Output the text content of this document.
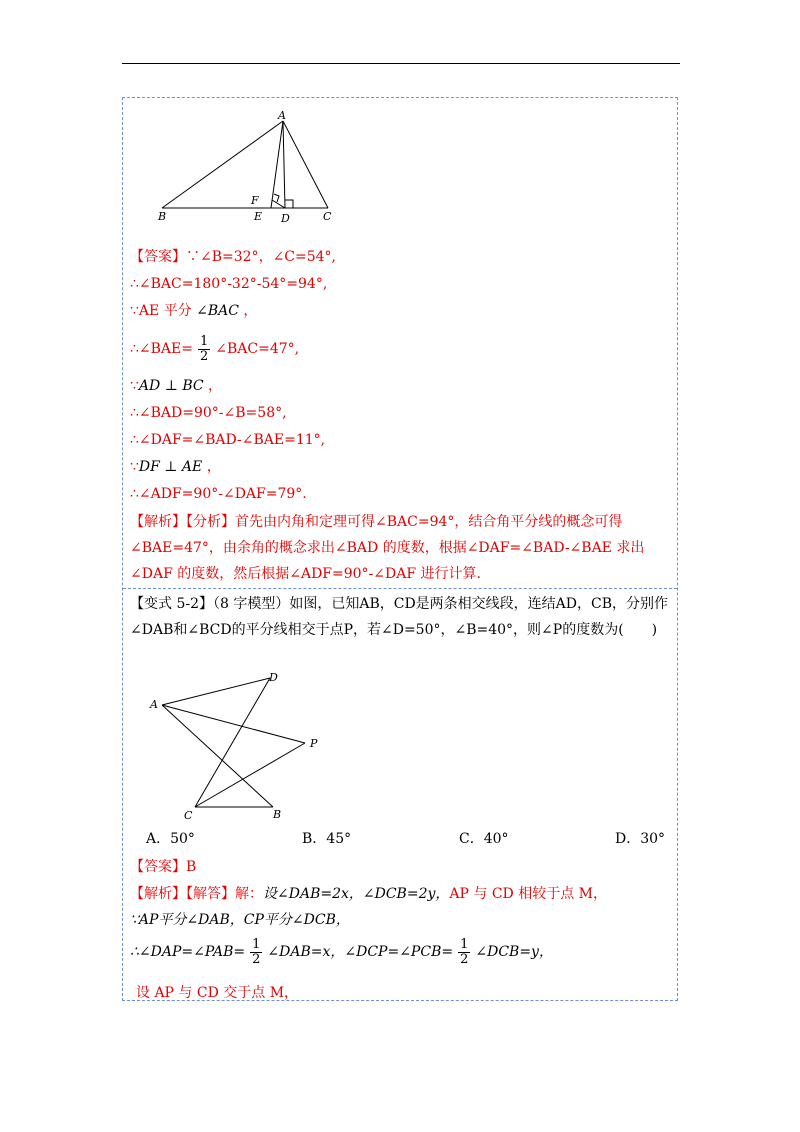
A
B	C
D
E
F
【答案】∵∠B=32°，∠C=54°,
∴∠BAC=180°-32°-54°=94°,
∵AE 平分 ∠BAC ，
∴∠BAE= $\frac{1}{2}$ ∠BAC=47°,
∵AD ⊥ BC ，
∴∠BAD=90°-∠B=58°,
∴∠DAF=∠BAD-∠BAE=11°,
∵DF ⊥ AE ，
∴∠ADF=90°-∠DAF=79°.
【解析】【分析】首先由内角和定理可得∠BAC=94°，结合角平分线的概念可得∠BAE=47°，由余角的概念求出∠BAD 的度数，根据∠DAF=∠BAD-∠BAE 求出∠DAF 的度数，然后根据∠ADF=90°-∠DAF 进行计算.
【变式 5-2】（8 字模型）如图，已知AB，CD是两条相交线段，连结AD，CB，分别作∠DAB和∠BCD的平分线相交于点P，若∠D=50°，∠B=40°，则∠P的度数为(　　)
A
B
C
D
P
A．50°	B．45°	C．40°	D．30°
【答案】B
【解析】【解答】解：设∠DAB=2x，∠DCB=2y，AP 与 CD 相较于点 M，
∵AP平分∠DAB，CP平分∠DCB，
∴∠DAP=∠PAB= $\frac{1}{2}$ ∠DAB=x，∠DCP=∠PCB= $\frac{1}{2}$ ∠DCB=y，
设 AP 与 CD 交于点 M，
